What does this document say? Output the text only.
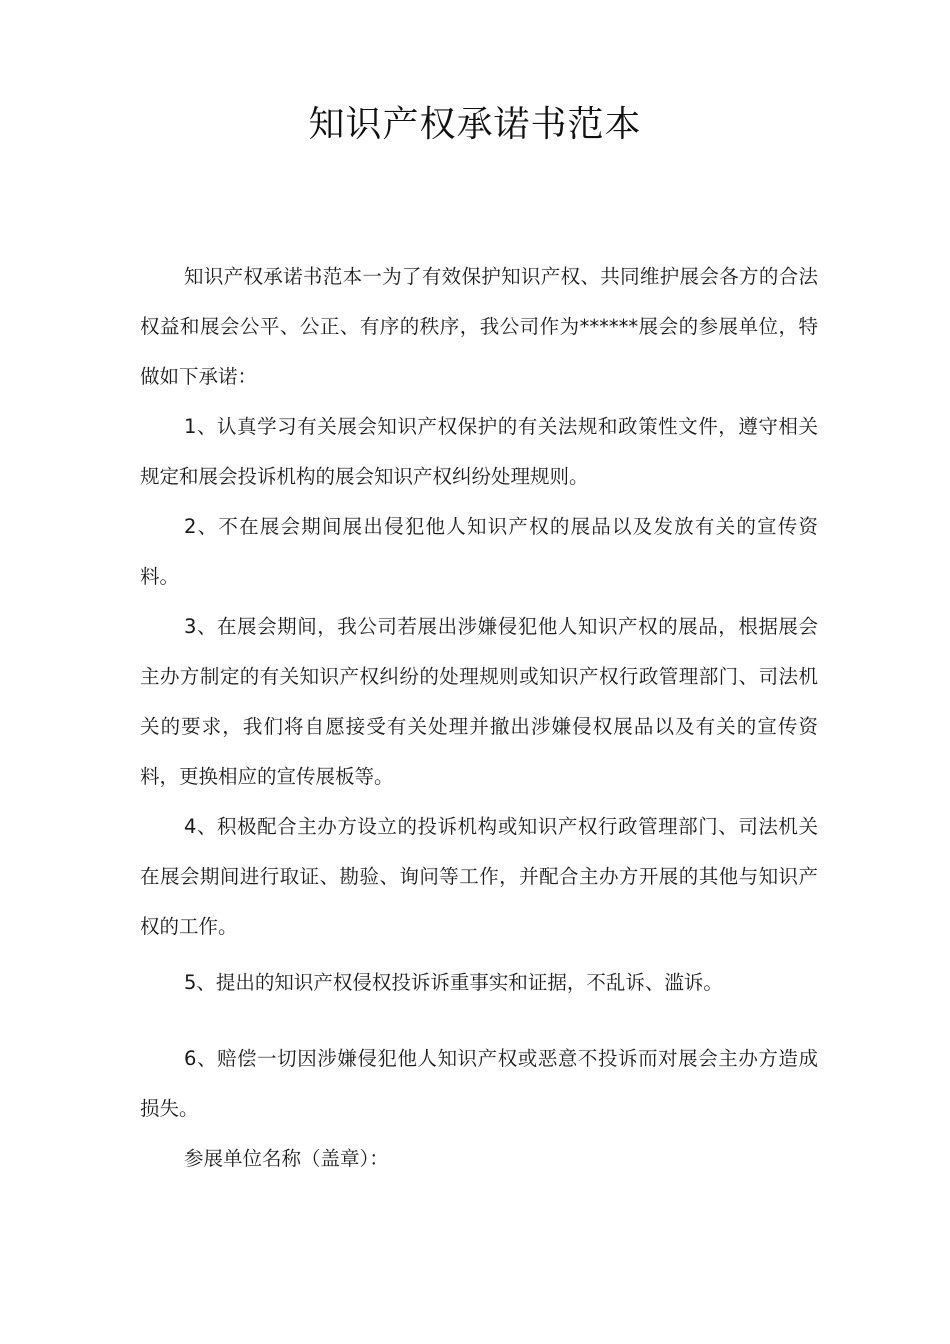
知识产权承诺书范本

知识产权承诺书范本一为了有效保护知识产权、共同维护展会各方的合法权益和展会公平、公正、有序的秩序，我公司作为******展会的参展单位，特做如下承诺：

1、认真学习有关展会知识产权保护的有关法规和政策性文件，遵守相关规定和展会投诉机构的展会知识产权纠纷处理规则。

2、不在展会期间展出侵犯他人知识产权的展品以及发放有关的宣传资料。

3、在展会期间，我公司若展出涉嫌侵犯他人知识产权的展品，根据展会主办方制定的有关知识产权纠纷的处理规则或知识产权行政管理部门、司法机关的要求，我们将自愿接受有关处理并撤出涉嫌侵权展品以及有关的宣传资料，更换相应的宣传展板等。

4、积极配合主办方设立的投诉机构或知识产权行政管理部门、司法机关在展会期间进行取证、勘验、询问等工作，并配合主办方开展的其他与知识产权的工作。

5、提出的知识产权侵权投诉诉重事实和证据，不乱诉、滥诉。

6、赔偿一切因涉嫌侵犯他人知识产权或恶意不投诉而对展会主办方造成损失。

参展单位名称（盖章）：
